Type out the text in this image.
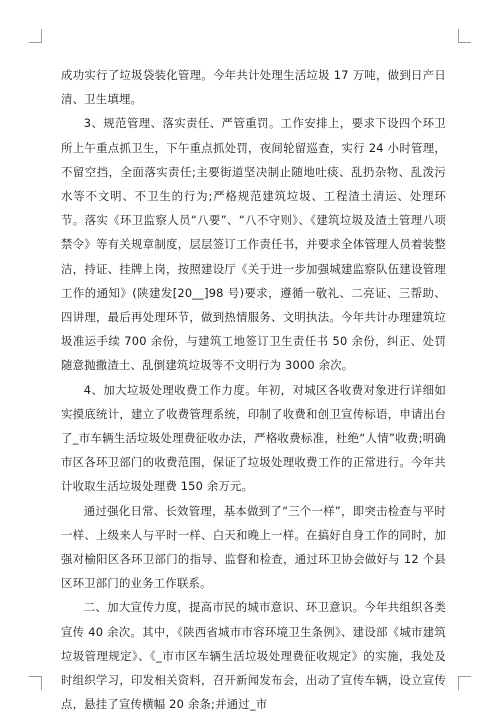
成功实行了垃圾袋装化管理。今年共计处理生活垃圾 17 万吨，做到日产日清、卫生填埋。

3、规范管理、落实责任、严管重罚。工作安排上，要求下设四个环卫所上午重点抓卫生，下午重点抓处罚，夜间轮留巡查，实行 24 小时管理，不留空挡，全面落实责任;主要街道坚决制止随地吐痰、乱扔杂物、乱泼污水等不文明、不卫生的行为;严格规范建筑垃圾、工程渣土清运、处理环节。落实《环卫监察人员“八要”、“八不守则》、《建筑垃圾及渣土管理八项禁令》等有关规章制度，层层签订工作责任书，并要求全体管理人员着装整洁，持证、挂牌上岗，按照建设厅《关于进一步加强城建监察队伍建设管理工作的通知》(陕建发[20__]98 号)要求，遵循一敬礼、二亮证、三帮助、四讲理，最后再处理环节，做到热情服务、文明执法。今年共计办理建筑垃圾准运手续 700 余份，与建筑工地签订卫生责任书 50 余份，纠正、处罚随意抛撒渣土、乱倒建筑垃圾等不文明行为 3000 余次。

4、加大垃圾处理收费工作力度。年初，对城区各收费对象进行详细如实摸底统计，建立了收费管理系统，印制了收费和创卫宣传标语，申请出台了_市车辆生活垃圾处理费征收办法，严格收费标准，杜绝“人情”收费;明确市区各环卫部门的收费范围，保证了垃圾处理收费工作的正常进行。今年共计收取生活垃圾处理费 150 余万元。

通过强化日常、长效管理，基本做到了“三个一样”，即突击检查与平时一样、上级来人与平时一样、白天和晚上一样。在搞好自身工作的同时，加强对榆阳区各环卫部门的指导、监督和检查，通过环卫协会做好与 12 个县区环卫部门的业务工作联系。

二、加大宣传力度，提高市民的城市意识、环卫意识。今年共组织各类宣传 40 余次。其中，《陕西省城市市容环境卫生条例》、建设部《城市建筑垃圾管理规定》、《_市市区车辆生活垃圾处理费征收规定》的实施，我处及时组织学习，印发相关资料，召开新闻发布会，出动了宣传车辆，设立宣传点，悬挂了宣传横幅 20 余条;并通过_市
